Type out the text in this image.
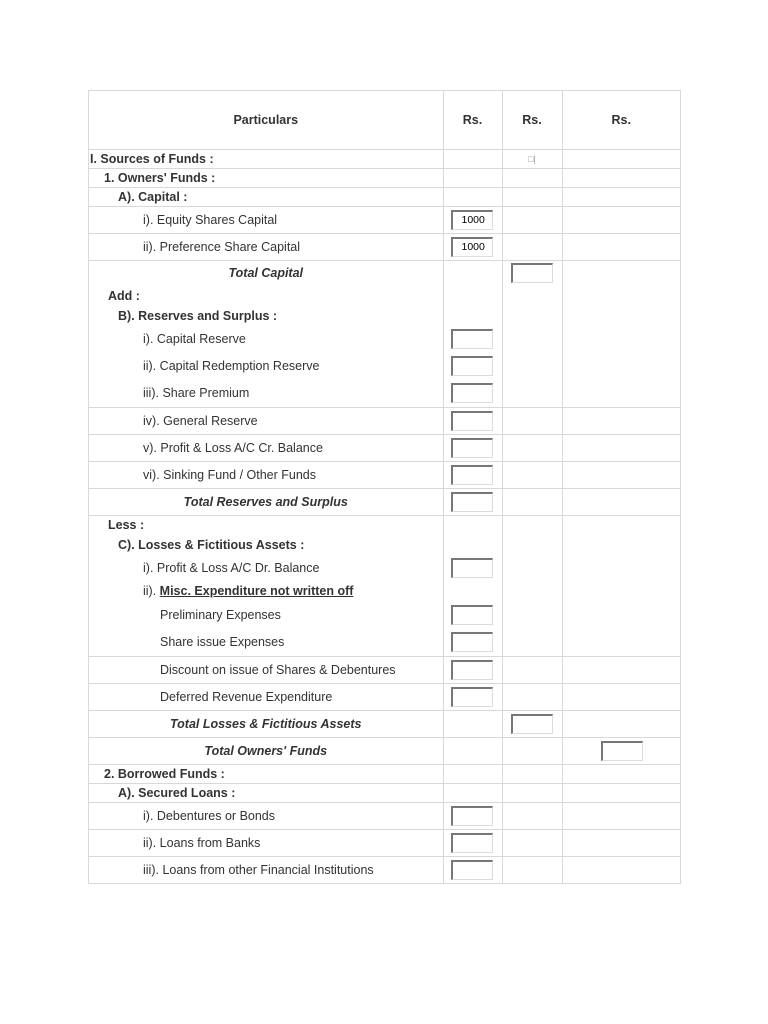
Particulars	Rs.	Rs.	Rs.
I. Sources of Funds :		□|	

1. Owners' Funds :			
A). Capital :			
i). Equity Shares Capital	1000		

ii). Preference Share Capital	1000		

Total Capital		

Add :			
B). Reserves and Surplus :			
i). Capital Reserve	

ii). Capital Redemption Reserve	

iii). Share Premium	

iv). General Reserve	

v). Profit & Loss A/C Cr. Balance	

vi). Sinking Fund / Other Funds	

Total Reserves and Surplus	

Less :			
C). Losses & Fictitious Assets :			
i). Profit & Loss A/C Dr. Balance	

ii). Misc. Expenditure not written off			
Preliminary Expenses	

Share issue Expenses	

Discount on issue of Shares & Debentures	

Deferred Revenue Expenditure	

Total Losses & Fictitious Assets		

Total Owners' Funds			

2. Borrowed Funds :			
A). Secured Loans :			
i). Debentures or Bonds	

ii). Loans from Banks	

iii). Loans from other Financial Institutions	
